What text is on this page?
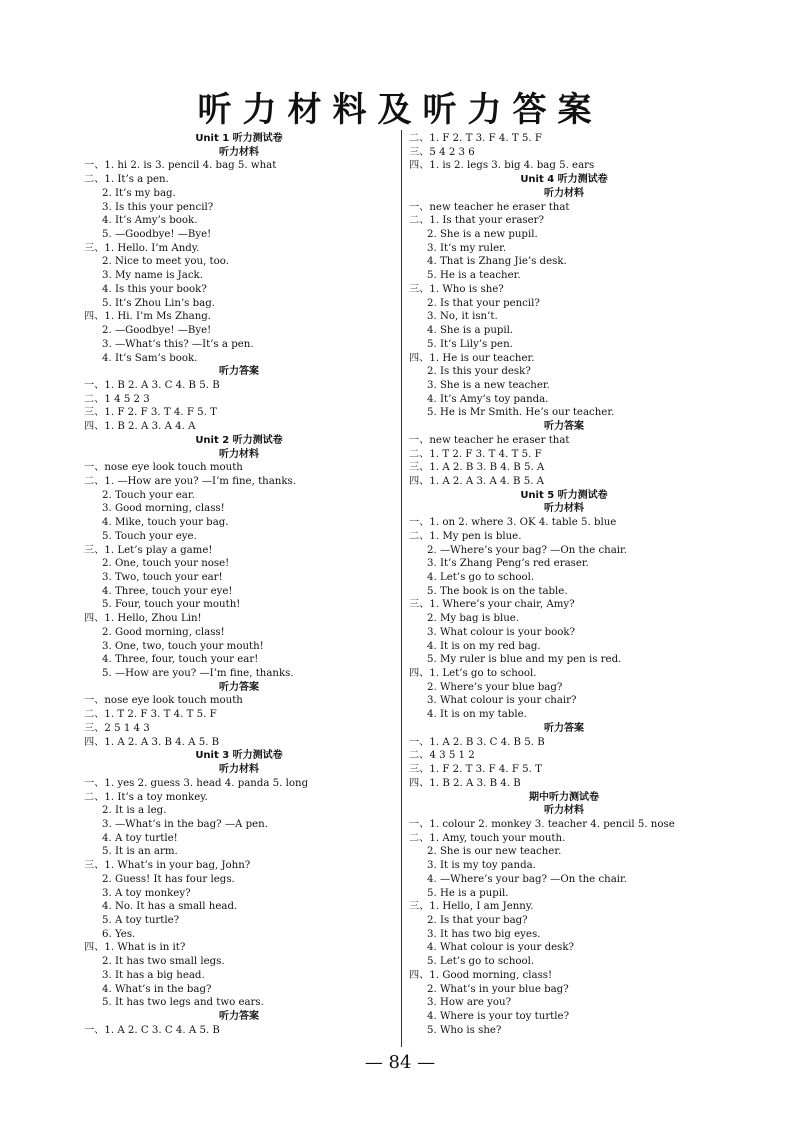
听力材料及听力答案
Unit 1 听力测试卷
听力材料
一、1. hi 2. is 3. pencil 4. bag 5. what
二、1. It’s a pen.
2. It’s my bag.
3. Is this your pencil?
4. It’s Amy’s book.
5. —Goodbye! —Bye!
三、1. Hello. I’m Andy.
2. Nice to meet you, too.
3. My name is Jack.
4. Is this your book?
5. It’s Zhou Lin’s bag.
四、1. Hi. I’m Ms Zhang.
2. —Goodbye! —Bye!
3. —What’s this? —It’s a pen.
4. It’s Sam’s book.
听力答案
一、1. B 2. A 3. C 4. B 5. B
二、1 4 5 2 3
三、1. F 2. F 3. T 4. F 5. T
四、1. B 2. A 3. A 4. A
Unit 2 听力测试卷
听力材料
一、nose eye look touch mouth
二、1. —How are you? —I’m fine, thanks.
2. Touch your ear.
3. Good morning, class!
4. Mike, touch your bag.
5. Touch your eye.
三、1. Let’s play a game!
2. One, touch your nose!
3. Two, touch your ear!
4. Three, touch your eye!
5. Four, touch your mouth!
四、1. Hello, Zhou Lin!
2. Good morning, class!
3. One, two, touch your mouth!
4. Three, four, touch your ear!
5. —How are you? —I’m fine, thanks.
听力答案
一、nose eye look touch mouth
二、1. T 2. F 3. T 4. T 5. F
三、2 5 1 4 3
四、1. A 2. A 3. B 4. A 5. B
Unit 3 听力测试卷
听力材料
一、1. yes 2. guess 3. head 4. panda 5. long
二、1. It’s a toy monkey.
2. It is a leg.
3. —What’s in the bag? —A pen.
4. A toy turtle!
5. It is an arm.
三、1. What’s in your bag, John?
2. Guess! It has four legs.
3. A toy monkey?
4. No. It has a small head.
5. A toy turtle?
6. Yes.
四、1. What is in it?
2. It has two small legs.
3. It has a big head.
4. What’s in the bag?
5. It has two legs and two ears.
听力答案
一、1. A 2. C 3. C 4. A 5. B
二、1. F 2. T 3. F 4. T 5. F
三、5 4 2 3 6
四、1. is 2. legs 3. big 4. bag 5. ears
Unit 4 听力测试卷
听力材料
一、new teacher he eraser that
二、1. Is that your eraser?
2. She is a new pupil.
3. It’s my ruler.
4. That is Zhang Jie’s desk.
5. He is a teacher.
三、1. Who is she?
2. Is that your pencil?
3. No, it isn’t.
4. She is a pupil.
5. It’s Lily’s pen.
四、1. He is our teacher.
2. Is this your desk?
3. She is a new teacher.
4. It’s Amy’s toy panda.
5. He is Mr Smith. He’s our teacher.
听力答案
一、new teacher he eraser that
二、1. T 2. F 3. T 4. T 5. F
三、1. A 2. B 3. B 4. B 5. A
四、1. A 2. A 3. A 4. B 5. A
Unit 5 听力测试卷
听力材料
一、1. on 2. where 3. OK 4. table 5. blue
二、1. My pen is blue.
2. —Where’s your bag? —On the chair.
3. It’s Zhang Peng’s red eraser.
4. Let’s go to school.
5. The book is on the table.
三、1. Where’s your chair, Amy?
2. My bag is blue.
3. What colour is your book?
4. It is on my red bag.
5. My ruler is blue and my pen is red.
四、1. Let’s go to school.
2. Where’s your blue bag?
3. What colour is your chair?
4. It is on my table.
听力答案
一、1. A 2. B 3. C 4. B 5. B
二、4 3 5 1 2
三、1. F 2. T 3. F 4. F 5. T
四、1. B 2. A 3. B 4. B
期中听力测试卷
听力材料
一、1. colour 2. monkey 3. teacher 4. pencil 5. nose
二、1. Amy, touch your mouth.
2. She is our new teacher.
3. It is my toy panda.
4. —Where’s your bag? —On the chair.
5. He is a pupil.
三、1. Hello, I am Jenny.
2. Is that your bag?
3. It has two big eyes.
4. What colour is your desk?
5. Let’s go to school.
四、1. Good morning, class!
2. What’s in your blue bag?
3. How are you?
4. Where is your toy turtle?
5. Who is she?
— 84 —
